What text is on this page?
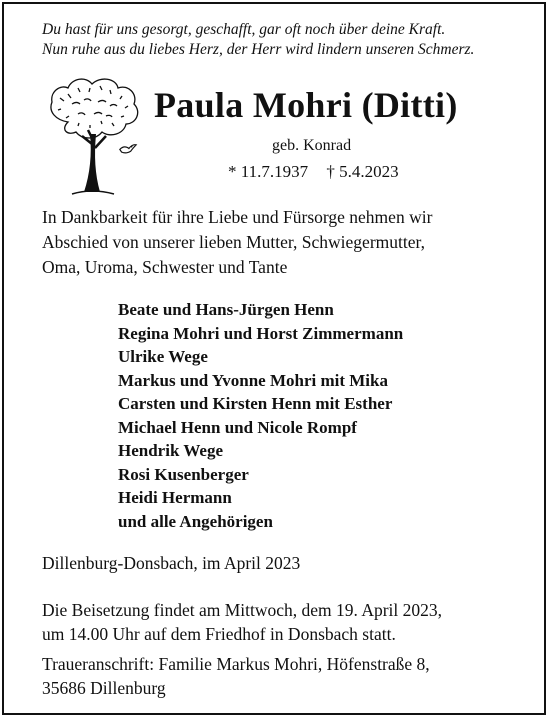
Du hast für uns gesorgt, geschafft, gar oft noch über deine Kraft.
Nun ruhe aus du liebes Herz, der Herr wird lindern unseren Schmerz.
Paula Mohri (Ditti)
geb. Konrad
* 11.7.1937 † 5.4.2023
In Dankbarkeit für ihre Liebe und Fürsorge nehmen wir
Abschied von unserer lieben Mutter, Schwiegermutter,
Oma, Uroma, Schwester und Tante
Beate und Hans-Jürgen Henn
Regina Mohri und Horst Zimmermann
Ulrike Wege
Markus und Yvonne Mohri mit Mika
Carsten und Kirsten Henn mit Esther
Michael Henn und Nicole Rompf
Hendrik Wege
Rosi Kusenberger
Heidi Hermann
und alle Angehörigen
Dillenburg-Donsbach, im April 2023
Die Beisetzung findet am Mittwoch, dem 19. April 2023,
um 14.00 Uhr auf dem Friedhof in Donsbach statt.
Traueranschrift: Familie Markus Mohri, Höfenstraße 8,
35686 Dillenburg
